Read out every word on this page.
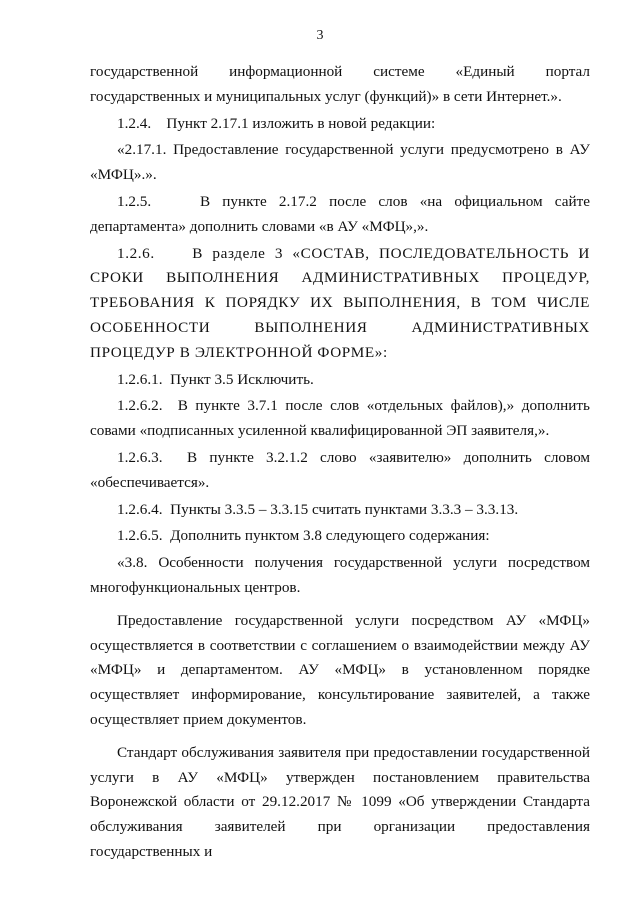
3

государственной информационной системе «Единый портал государственных и муниципальных услуг (функций)» в сети Интернет.».

1.2.4.    Пункт 2.17.1 изложить в новой редакции:

«2.17.1. Предоставление государственной услуги предусмотрено в АУ «МФЦ».».

1.2.5.    В пункте 2.17.2 после слов «на официальном сайте департамента» дополнить словами «в АУ «МФЦ»,».

1.2.6.    В разделе 3 «СОСТАВ, ПОСЛЕДОВАТЕЛЬНОСТЬ И СРОКИ ВЫПОЛНЕНИЯ АДМИНИСТРАТИВНЫХ ПРОЦЕДУР, ТРЕБОВАНИЯ К ПОРЯДКУ ИХ ВЫПОЛНЕНИЯ, В ТОМ ЧИСЛЕ ОСОБЕННОСТИ ВЫПОЛНЕНИЯ АДМИНИСТРАТИВНЫХ ПРОЦЕДУР В ЭЛЕКТРОННОЙ ФОРМЕ»:

1.2.6.1.  Пункт 3.5 Исключить.

1.2.6.2.  В пункте 3.7.1 после слов «отдельных файлов),» дополнить совами «подписанных усиленной квалифицированной ЭП заявителя,».

1.2.6.3.  В пункте 3.2.1.2 слово «заявителю» дополнить словом «обеспечивается».

1.2.6.4.  Пункты 3.3.5 – 3.3.15 считать пунктами 3.3.3 – 3.3.13.

1.2.6.5.  Дополнить пунктом 3.8 следующего содержания:

«3.8. Особенности получения государственной услуги посредством многофункциональных центров.

Предоставление государственной услуги посредством АУ «МФЦ» осуществляется в соответствии с соглашением о взаимодействии между АУ «МФЦ» и департаментом. АУ «МФЦ» в установленном порядке осуществляет информирование, консультирование заявителей, а также осуществляет прием документов.

Стандарт обслуживания заявителя при предоставлении государственной услуги в АУ «МФЦ» утвержден постановлением правительства Воронежской области от 29.12.2017 № 1099 «Об утверждении Стандарта обслуживания заявителей при организации предоставления государственных и
